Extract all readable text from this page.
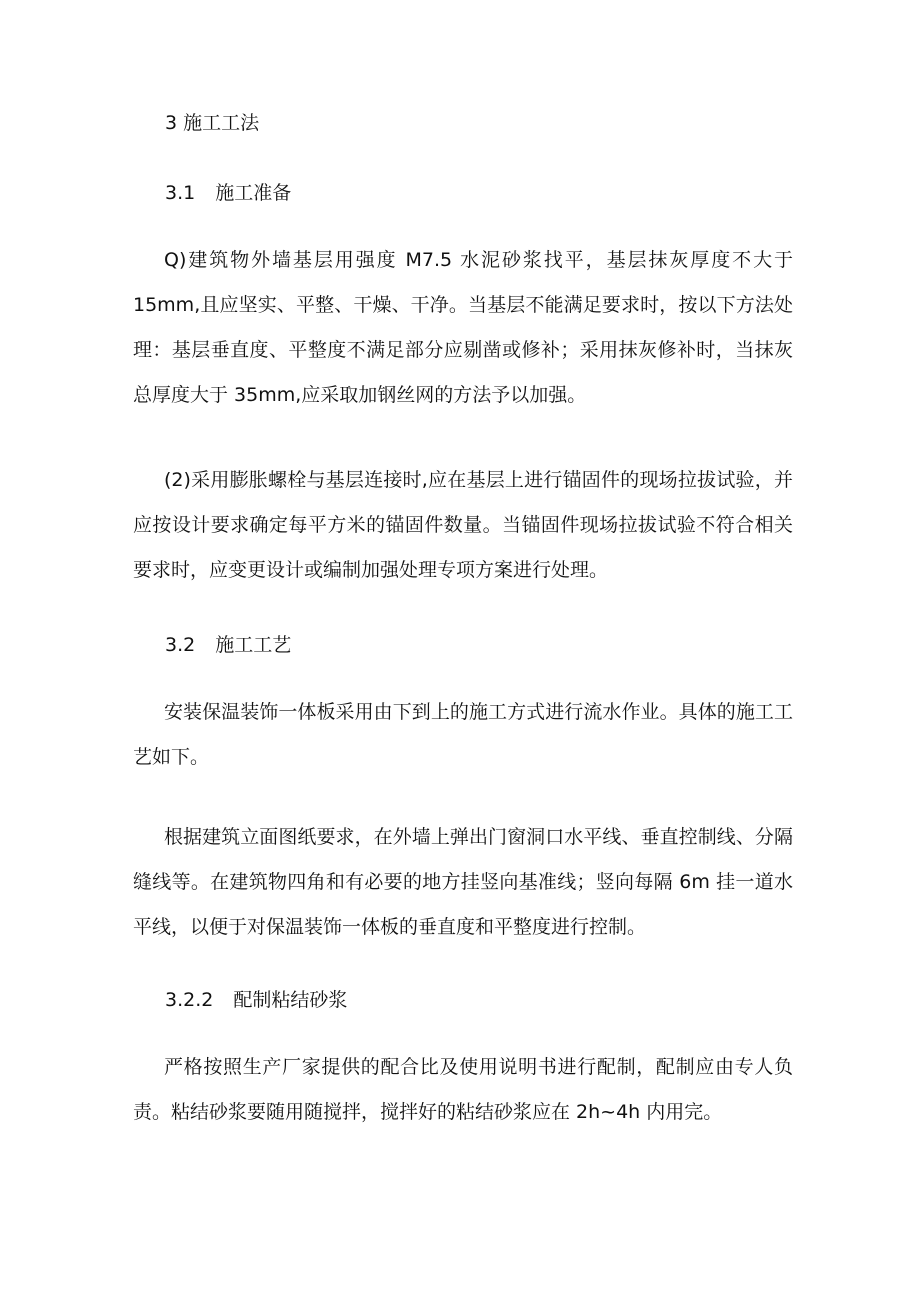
3 施工工法
3.1 施工准备

Q)建筑物外墙基层用强度 M7.5 水泥砂浆找平，基层抹灰厚度不大于 15mm,且应坚实、平整、干燥、干净。当基层不能满足要求时，按以下方法处理：基层垂直度、平整度不满足部分应剔凿或修补；采用抹灰修补时，当抹灰总厚度大于 35mm,应采取加钢丝网的方法予以加强。

(2)采用膨胀螺栓与基层连接时,应在基层上进行锚固件的现场拉拔试验，并应按设计要求确定每平方米的锚固件数量。当锚固件现场拉拔试验不符合相关要求时，应变更设计或编制加强处理专项方案进行处理。

3.2 施工工艺

安装保温装饰一体板采用由下到上的施工方式进行流水作业。具体的施工工艺如下。

根据建筑立面图纸要求，在外墙上弹出门窗洞口水平线、垂直控制线、分隔缝线等。在建筑物四角和有必要的地方挂竖向基准线；竖向每隔 6m 挂一道水平线，以便于对保温装饰一体板的垂直度和平整度进行控制。

3.2.2 配制粘结砂浆

严格按照生产厂家提供的配合比及使用说明书进行配制，配制应由专人负责。粘结砂浆要随用随搅拌，搅拌好的粘结砂浆应在 2h~4h 内用完。
